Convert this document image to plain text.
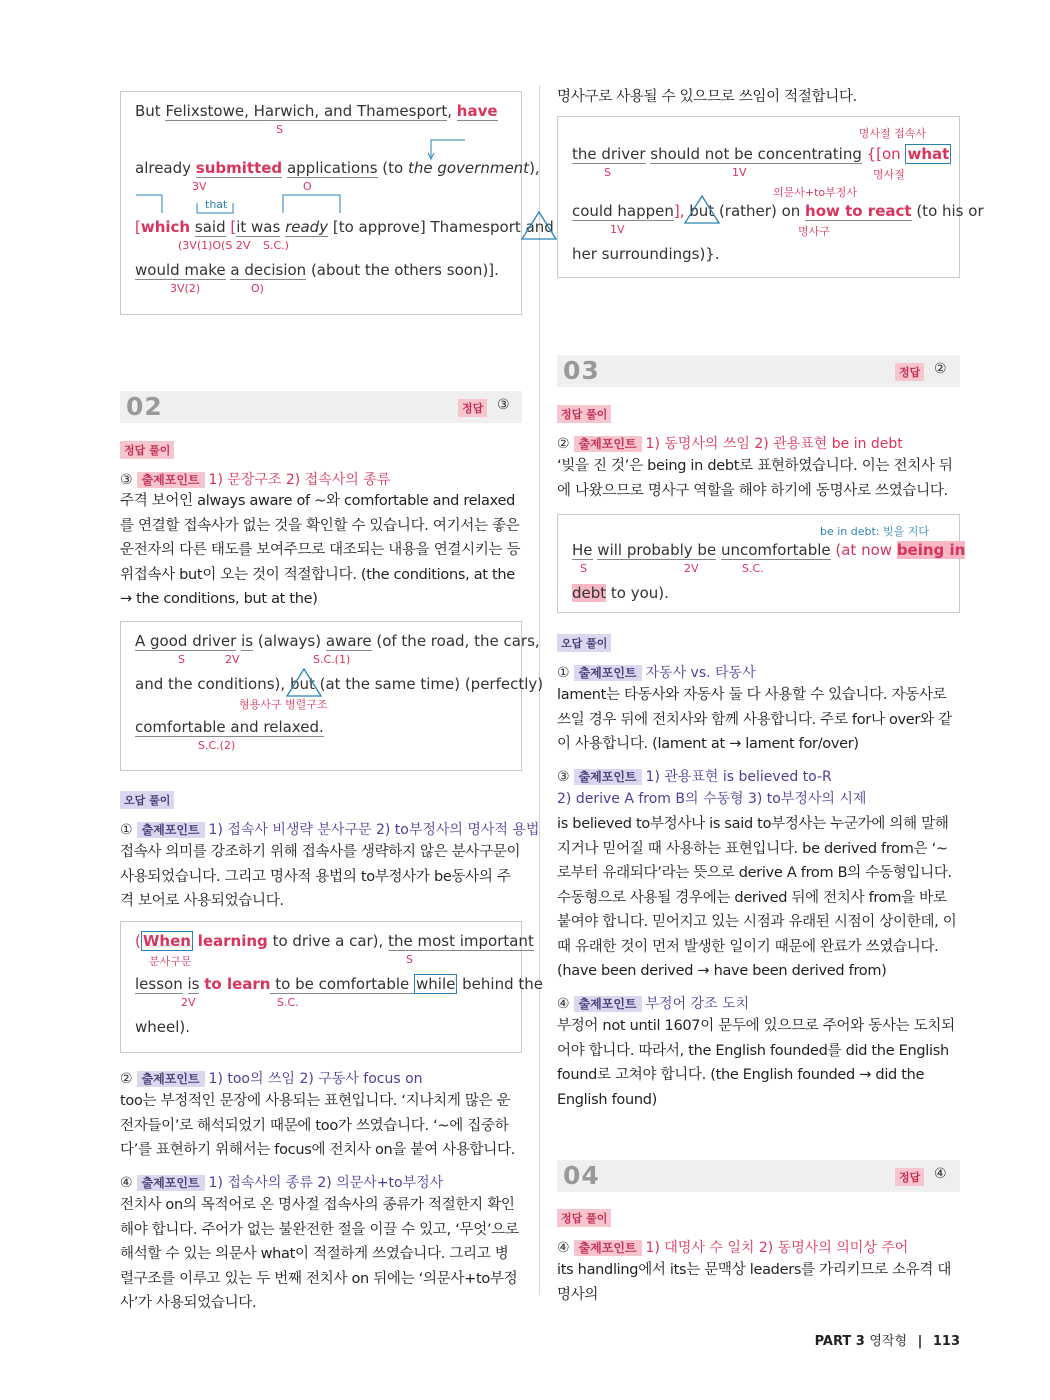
But Felixstowe, Harwich, and Thamesport, have
S
already submitted applications (to the government),
3V	O
that
[which said [it was ready [to approve] Thamesport and
(3V(1)O(S 2V S.C.)
would make a decision (about the others soon)].
3V(2)	O)
명사구로 사용될 수 있으므로 쓰임이 적절합니다.
명사절 접속사
the driver should not be concentrating {[on what
S	1V	명사절
의문사+to부정사
could happen], but
(rather) on how to react (to his or
1V	명사구
her surroundings)}.
02	정답 ③
정답 풀이
③ 출제포인트 1) 문장구조 2) 접속사의 종류
주격 보어인 always aware of ~와 comfortable and relaxed를 연결할 접속사가 없는 것을 확인할 수 있습니다. 여기서는 좋은 운전자의 다른 태도를 보여주므로 대조되는 내용을 연결시키는 등위접속사 but이 오는 것이 적절합니다. (the conditions, at the → the conditions, but at the)
A good driver is (always) aware (of the road, the cars,
S	2V	S.C.(1)
and the conditions), but
(at the same time) (perfectly)
형용사구 병렬구조
comfortable and relaxed.
S.C.(2)
오답 풀이
① 출제포인트 1) 접속사 비생략 분사구문 2) to부정사의 명사적 용법
접속사 의미를 강조하기 위해 접속사를 생략하지 않은 분사구문이 사용되었습니다. 그리고 명사적 용법의 to부정사가 be동사의 주격 보어로 사용되었습니다.
( When learning to drive a car), the most important
분사구문	S
lesson is to learn to be comfortable while behind the
2V	S.C.
wheel).
② 출제포인트 1) too의 쓰임 2) 구동사 focus on
too는 부정적인 문장에 사용되는 표현입니다. ‘지나치게 많은 운전자들이’로 해석되었기 때문에 too가 쓰였습니다. ‘~에 집중하다’를 표현하기 위해서는 focus에 전치사 on을 붙여 사용합니다.
④ 출제포인트 1) 접속사의 종류 2) 의문사+to부정사
전치사 on의 목적어로 온 명사절 접속사의 종류가 적절한지 확인해야 합니다. 주어가 없는 불완전한 절을 이끌 수 있고, ‘무엇’으로 해석할 수 있는 의문사 what이 적절하게 쓰였습니다. 그리고 병렬구조를 이루고 있는 두 번째 전치사 on 뒤에는 ‘의문사+to부정사’가 사용되었습니다.
03	정답 ②
정답 풀이
② 출제포인트 1) 동명사의 쓰임 2) 관용표현 be in debt
‘빚을 진 것’은 being in debt로 표현하였습니다. 이는 전치사 뒤에 나왔으므로 명사구 역할을 해야 하기에 동명사로 쓰였습니다.
be in debt: 빚을 지다
He will probably be uncomfortable (at now being in
S	2V	S.C.
debt to you).
오답 풀이
① 출제포인트 자동사 vs. 타동사
lament는 타동사와 자동사 둘 다 사용할 수 있습니다. 자동사로 쓰일 경우 뒤에 전치사와 함께 사용합니다. 주로 for나 over와 같이 사용합니다. (lament at → lament for/over)
③ 출제포인트 1) 관용표현 is believed to-R
2) derive A from B의 수동형 3) to부정사의 시제
is believed to부정사나 is said to부정사는 누군가에 의해 말해지거나 믿어질 때 사용하는 표현입니다. be derived from은 ‘~로부터 유래되다’라는 뜻으로 derive A from B의 수동형입니다. 수동형으로 사용될 경우에는 derived 뒤에 전치사 from을 바로 붙여야 합니다. 믿어지고 있는 시점과 유래된 시점이 상이한데, 이때 유래한 것이 먼저 발생한 일이기 때문에 완료가 쓰였습니다. (have been derived → have been derived from)
④ 출제포인트 부정어 강조 도치
부정어 not until 1607이 문두에 있으므로 주어와 동사는 도치되어야 합니다. 따라서, the English founded를 did the English found로 고쳐야 합니다. (the English founded → did the English found)
04	정답 ④
정답 풀이
④ 출제포인트 1) 대명사 수 일치 2) 동명사의 의미상 주어
its handling에서 its는 문맥상 leaders를 가리키므로 소유격 대명사의
PART 3 영작형 | 113
